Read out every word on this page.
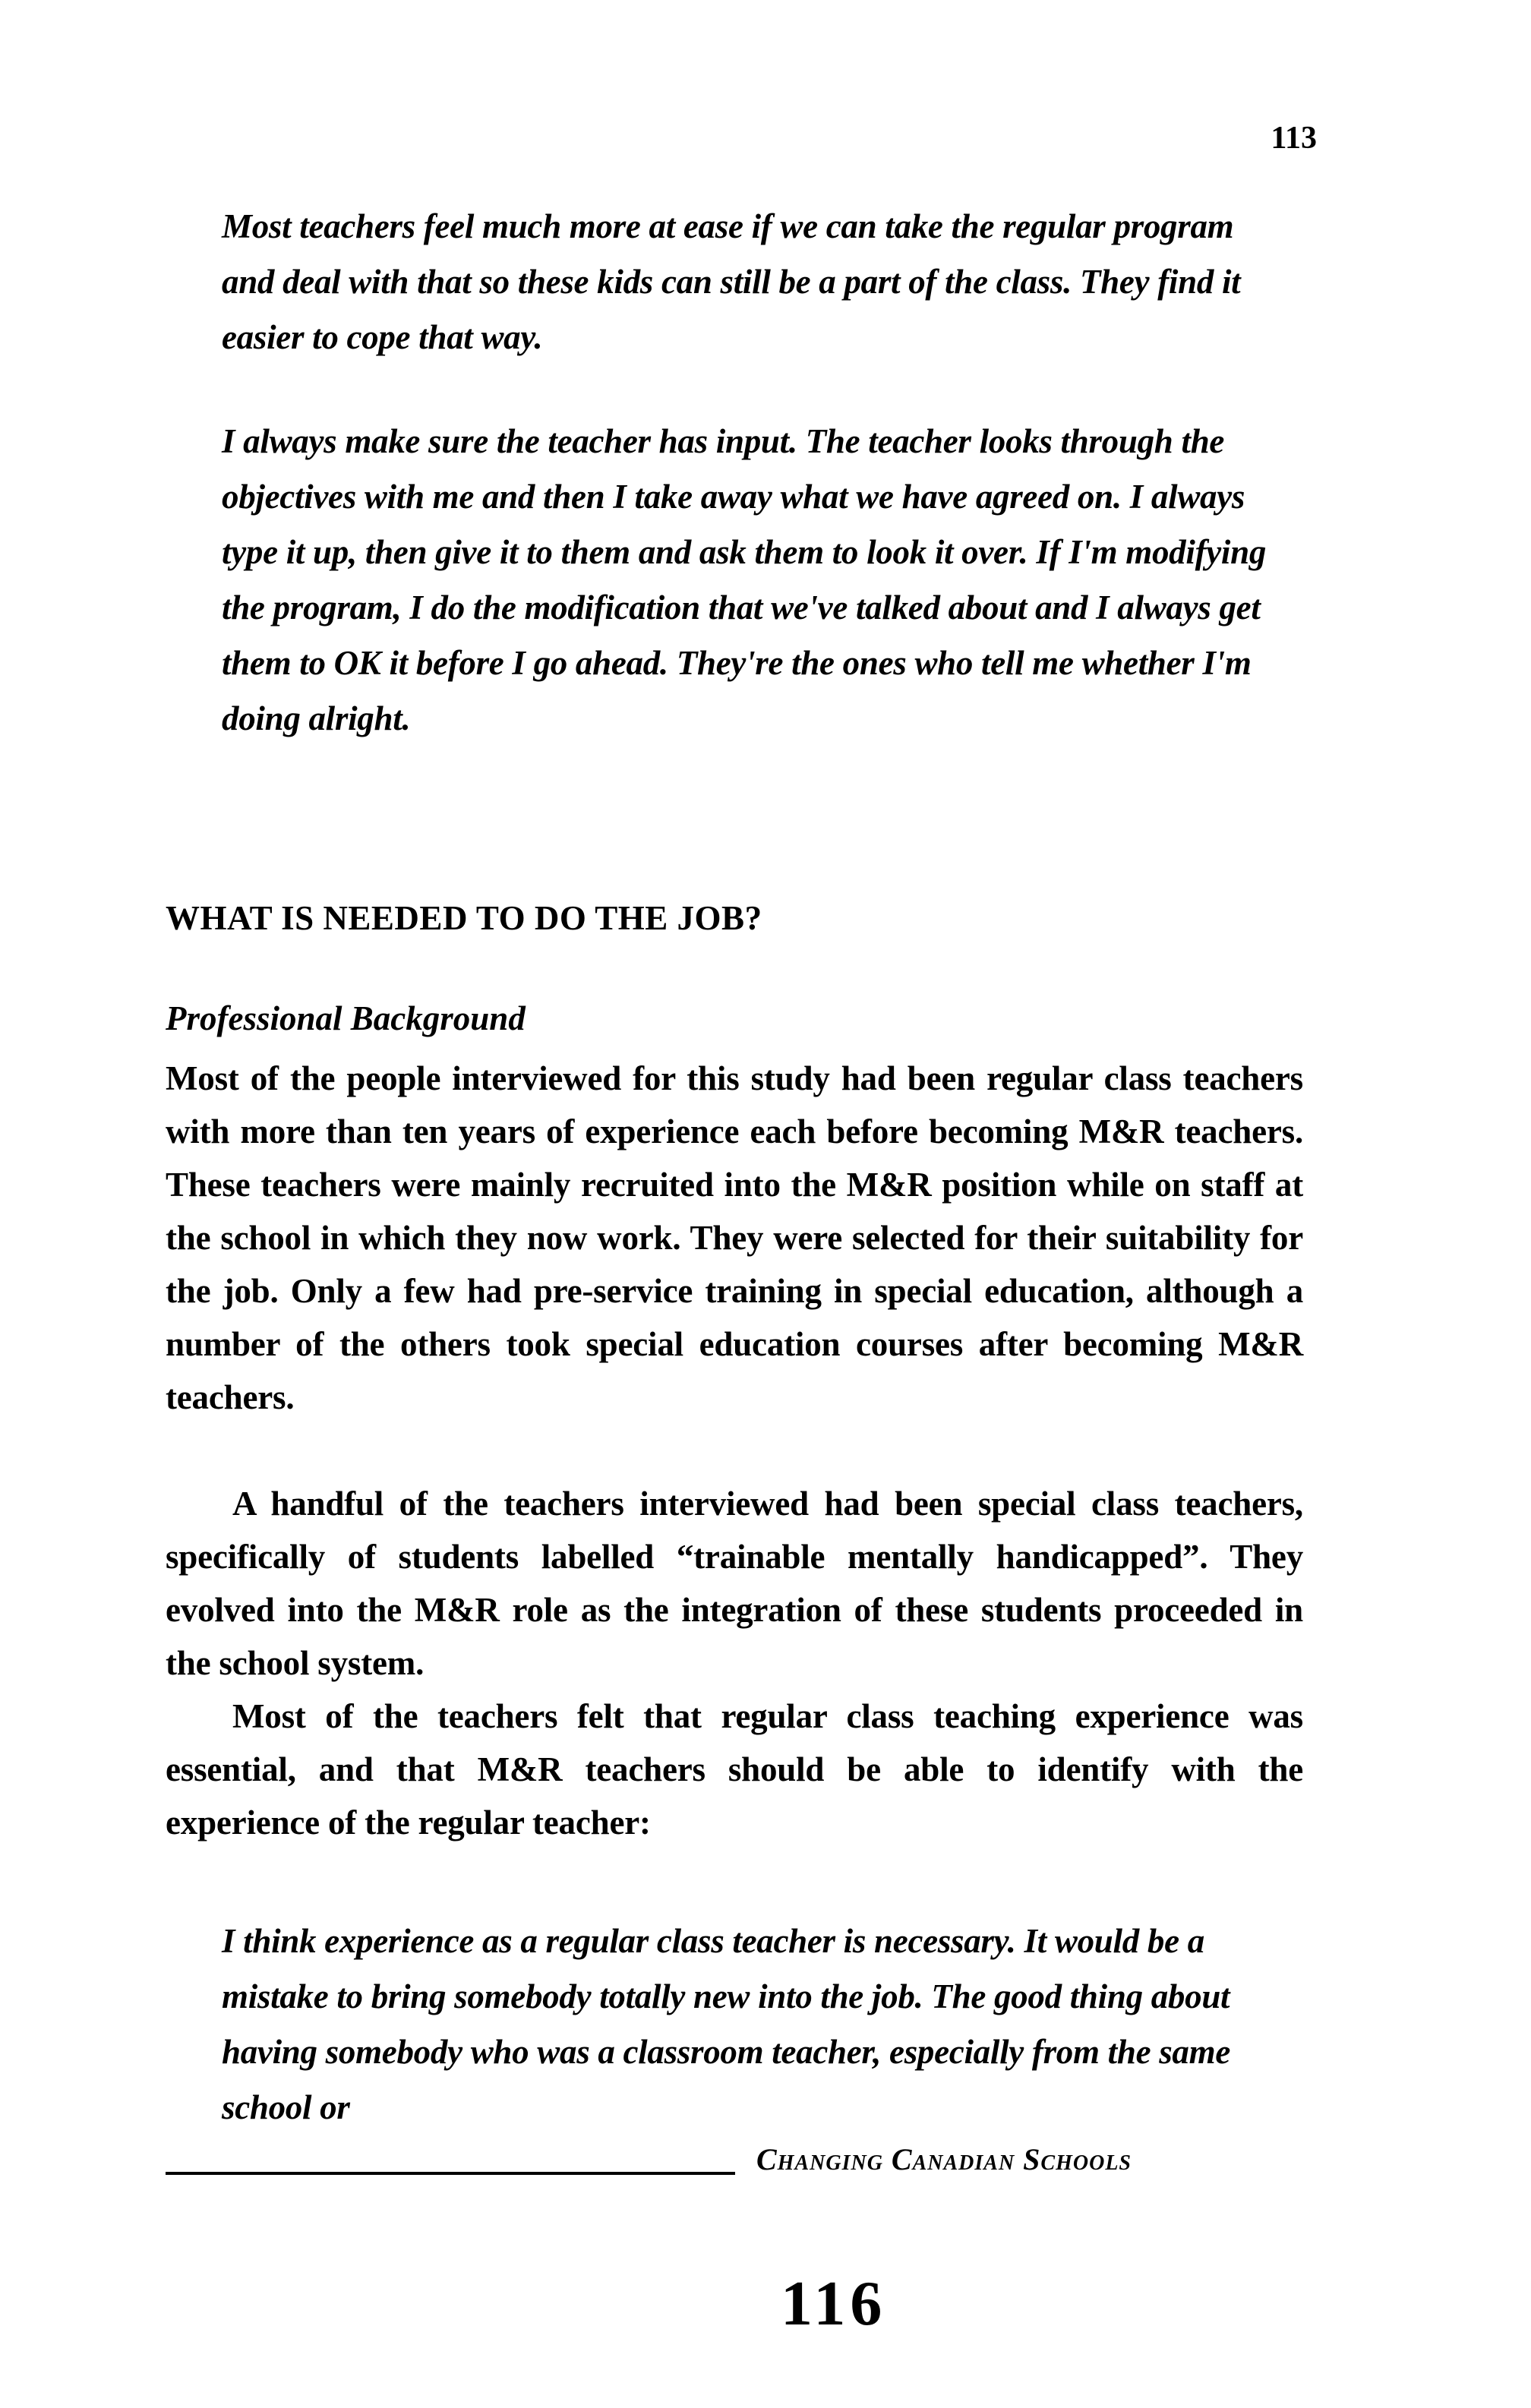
113

Most teachers feel much more at ease if we can take the regular program and deal with that so these kids can still be a part of the class. They find it easier to cope that way.

I always make sure the teacher has input. The teacher looks through the objectives with me and then I take away what we have agreed on. I always type it up, then give it to them and ask them to look it over. If I'm modifying the program, I do the modification that we've talked about and I always get them to OK it before I go ahead. They're the ones who tell me whether I'm doing alright.

WHAT IS NEEDED TO DO THE JOB?
Professional Background

Most of the people interviewed for this study had been regular class teachers with more than ten years of experience each before becoming M&R teachers. These teachers were mainly recruited into the M&R position while on staff at the school in which they now work. They were selected for their suitability for the job. Only a few had pre-service training in special education, although a number of the others took special education courses after becoming M&R teachers.

A handful of the teachers interviewed had been special class teachers, specifically of students labelled “trainable mentally handicapped”. They evolved into the M&R role as the integration of these students proceeded in the school system.

Most of the teachers felt that regular class teaching experience was essential, and that M&R teachers should be able to identify with the experience of the regular teacher:

I think experience as a regular class teacher is necessary. It would be a mistake to bring somebody totally new into the job. The good thing about having somebody who was a classroom teacher, especially from the same school or

Changing Canadian Schools
116
